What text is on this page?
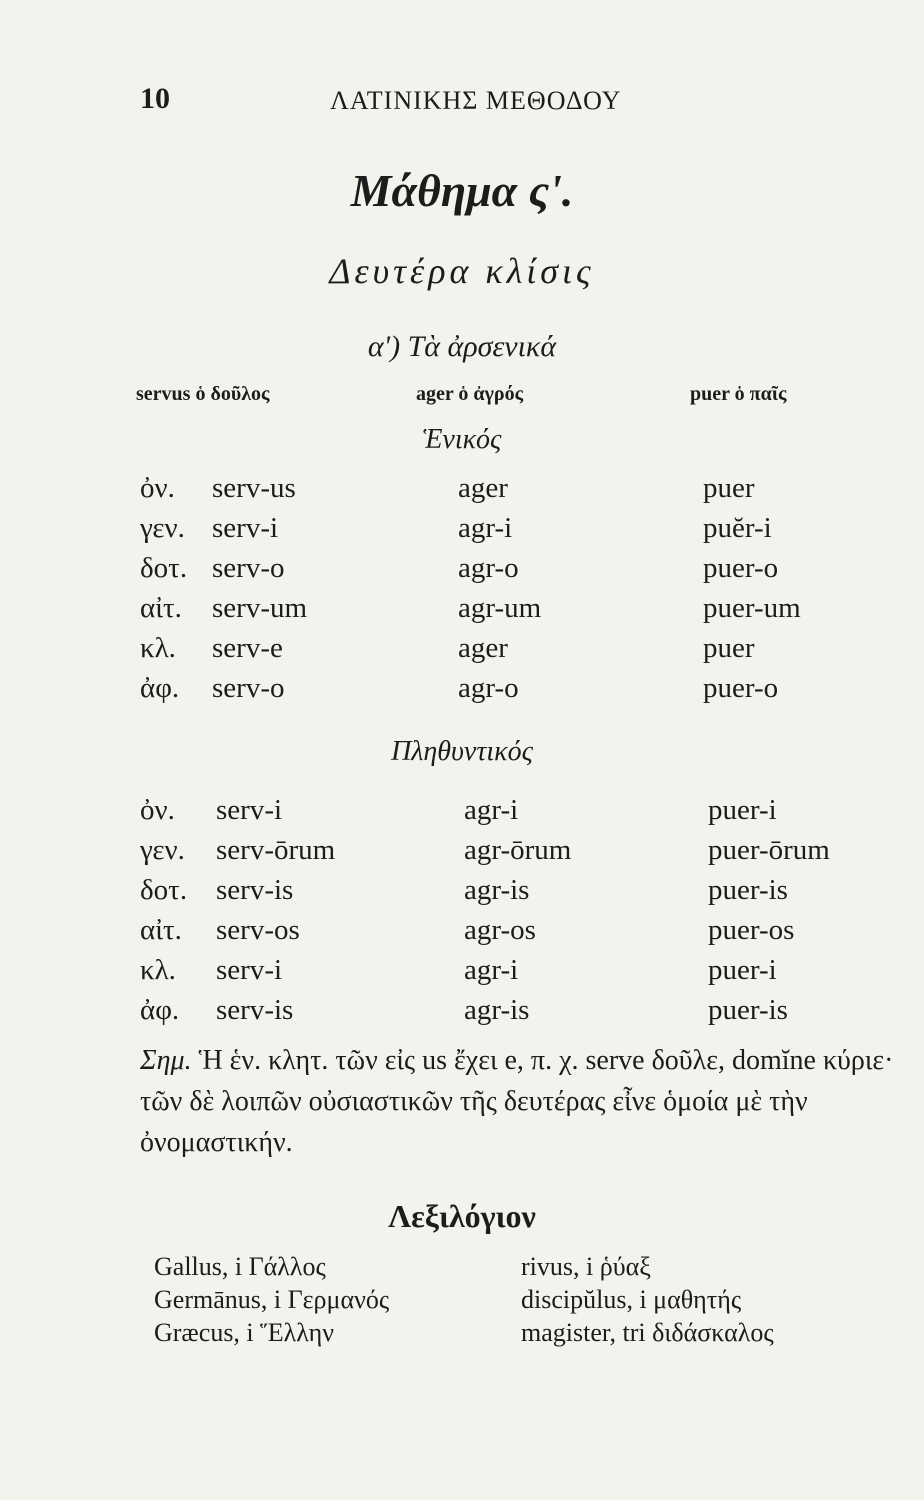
10	ΛΑΤΙΝΙΚΗΣ ΜΕΘΟΔΟΥ
Μάθημα ς'.
Δευτέρα κλίσις
α') Τὰ ἀρσενικά
servus ὁ δοῦλος	ager ὁ ἀγρός	puer ὁ παῖς
Ἑνικός
ὀν. serv-us	ager	puer
γεν. serv-i	agr-i	puĕr-i
δοτ. serv-o	agr-o	puer-o
αἰτ. serv-um	agr-um	puer-um
κλ. serv-e	ager	puer
ἀφ. serv-o	agr-o	puer-o
Πληθυντικός
ὀν. serv-i	agr-i	puer-i
γεν. serv-ōrum	agr-ōrum	puer-ōrum
δοτ. serv-is	agr-is	puer-is
αἰτ. serv-os	agr-os	puer-os
κλ. serv-i	agr-i	puer-i
ἀφ. serv-is	agr-is	puer-is
Σημ. Ἡ ἑν. κλητ. τῶν εἰς us ἔχει e, π. χ. serve δοῦλε, domĭne κύριε· τῶν δὲ λοιπῶν οὐσιαστικῶν τῆς δευτέρας εἶνε ὁμοία μὲ τὴν ὀνομαστικήν.
Λεξιλόγιον
Gallus, i Γάλλος	rivus, i ῥύαξ
Germānus, i Γερμανός	discipŭlus, i μαθητής
Græcus, i Ἕλλην	magister, tri διδάσκαλος
